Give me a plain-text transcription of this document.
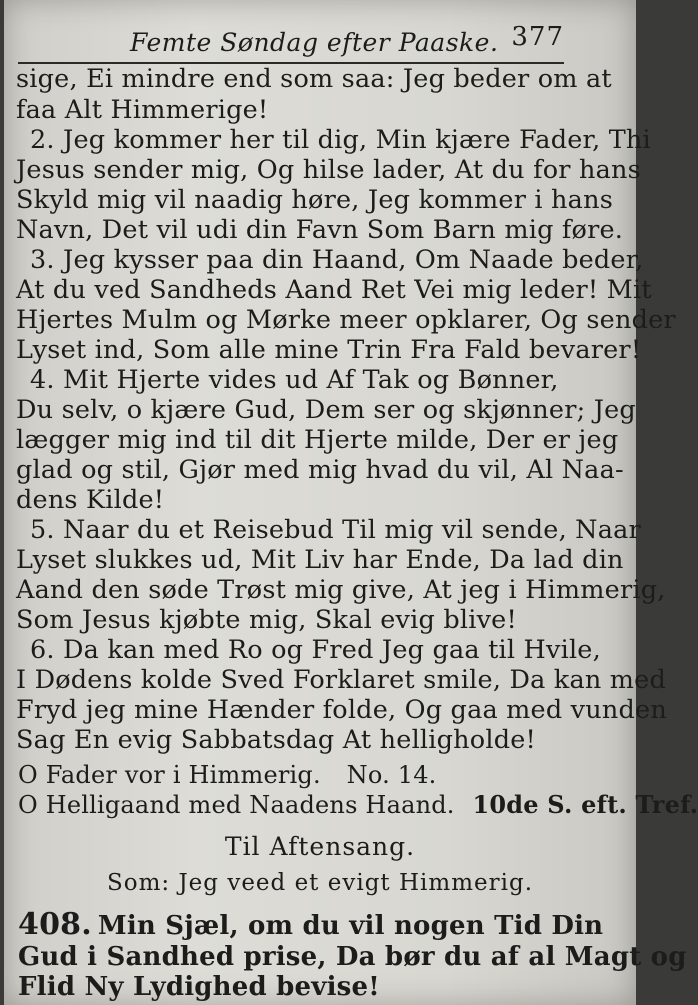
Femte Søndag efter Paaske. 377
sige, Ei mindre end som saa: Jeg beder om at
faa Alt Himmerige!
2. Jeg kommer her til dig, Min kjære Fader, Thi
Jesus sender mig, Og hilse lader, At du for hans
Skyld mig vil naadig høre, Jeg kommer i hans
Navn, Det vil udi din Favn Som Barn mig føre.
3. Jeg kysser paa din Haand, Om Naade beder,
At du ved Sandheds Aand Ret Vei mig leder! Mit
Hjertes Mulm og Mørke meer opklarer, Og sender
Lyset ind, Som alle mine Trin Fra Fald bevarer!
4. Mit Hjerte vides ud Af Tak og Bønner,
Du selv, o kjære Gud, Dem ser og skjønner; Jeg
lægger mig ind til dit Hjerte milde, Der er jeg
glad og stil, Gjør med mig hvad du vil, Al Naa-
dens Kilde!
5. Naar du et Reisebud Til mig vil sende, Naar
Lyset slukkes ud, Mit Liv har Ende, Da lad din
Aand den søde Trøst mig give, At jeg i Himmerig,
Som Jesus kjøbte mig, Skal evig blive!
6. Da kan med Ro og Fred Jeg gaa til Hvile,
I Dødens kolde Sved Forklaret smile, Da kan med
Fryd jeg mine Hænder folde, Og gaa med vunden
Sag En evig Sabbatsdag At helligholde!
O Fader vor i Himmerig. No. 14.
O Helligaand med Naadens Haand. 10de S. eft. Tref.
Til Aftensang.
Som: Jeg veed et evigt Himmerig.
408. Min Sjæl, om du vil nogen Tid Din
Gud i Sandhed prise, Da bør du af al Magt og
Flid Ny Lydighed bevise!
